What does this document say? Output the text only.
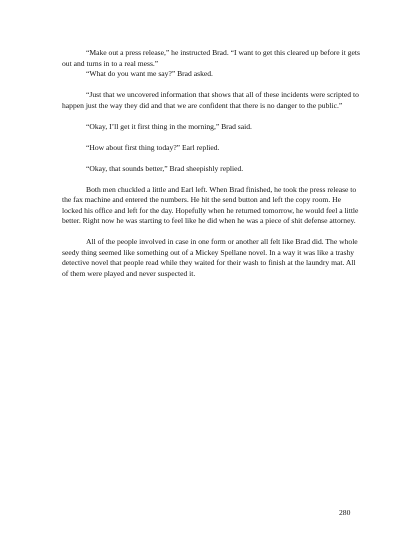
“Make out a press release,” he instructed Brad. “I want to get this cleared up before it gets out and turns in to a real mess.”

“What do you want me say?” Brad asked.

“Just that we uncovered information that shows that all of these incidents were scripted to happen just the way they did and that we are confident that there is no danger to the public.”

“Okay, I’ll get it first thing in the morning,” Brad said.

“How about first thing today?” Earl replied.

“Okay, that sounds better,” Brad sheepishly replied.

Both men chuckled a little and Earl left. When Brad finished, he took the press release to the fax machine and entered the numbers. He hit the send button and left the copy room. He locked his office and left for the day. Hopefully when he returned tomorrow, he would feel a little better. Right now he was starting to feel like he did when he was a piece of shit defense attorney.

All of the people involved in case in one form or another all felt like Brad did. The whole seedy thing seemed like something out of a Mickey Spellane novel. In a way it was like a trashy detective novel that people read while they waited for their wash to finish at the laundry mat. All of them were played and never suspected it.

280
